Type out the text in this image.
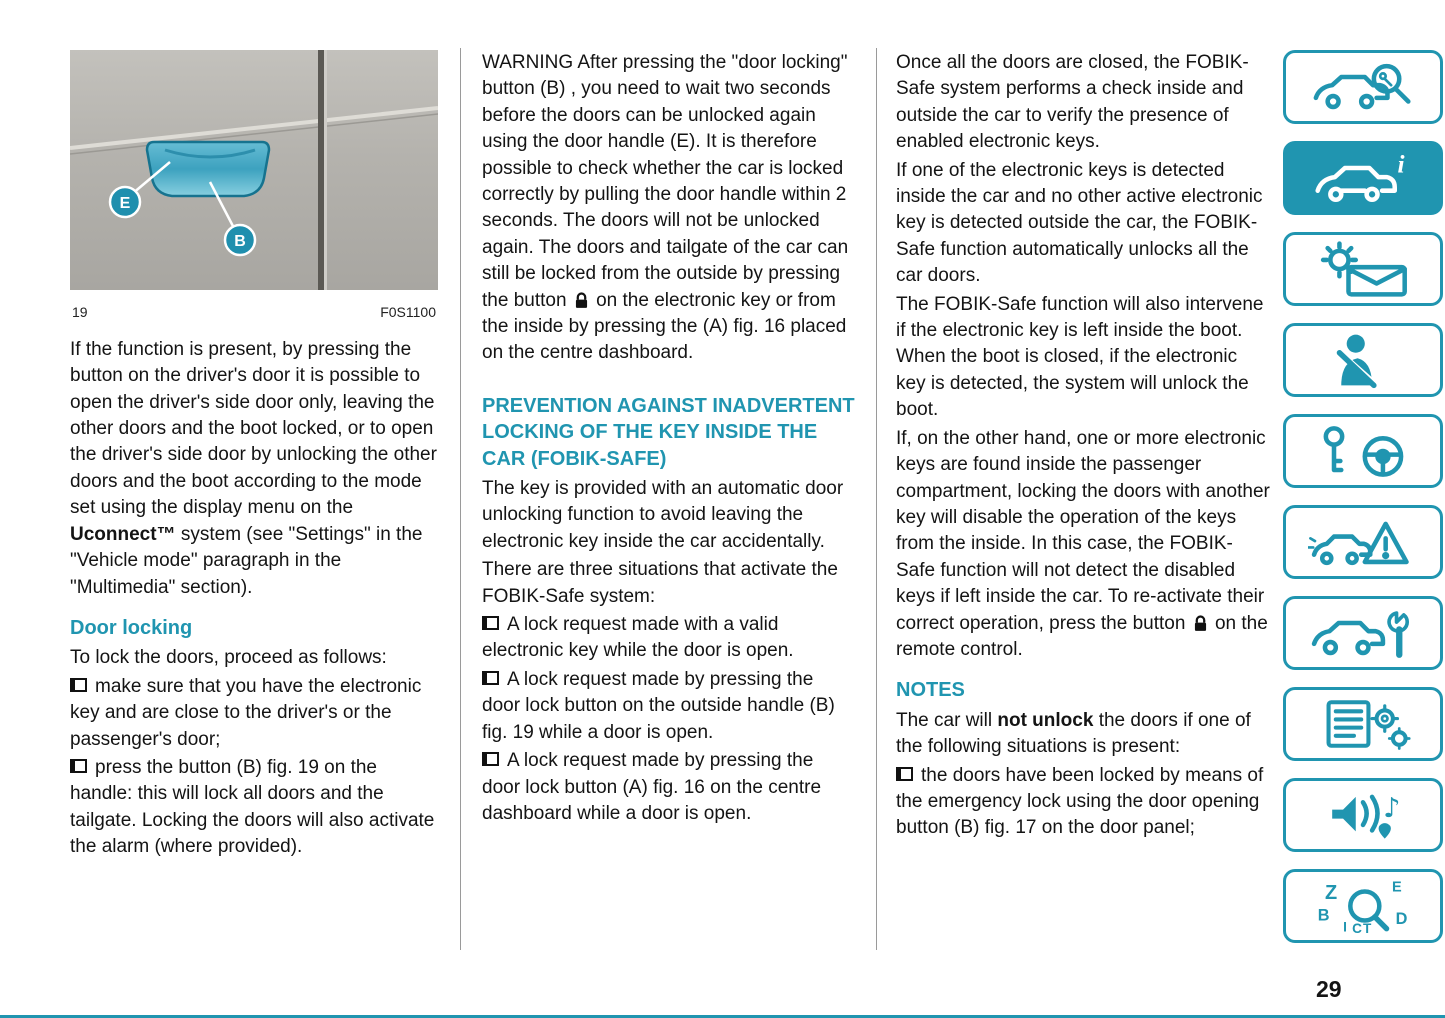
E
B
19	F0S1100

If the function is present, by pressing the button on the driver's door it is possible to open the driver's side door only, leaving the other doors and the boot locked, or to open the driver's side door by unlocking the other doors and the boot according to the mode set using the display menu on the Uconnect™ system (see "Settings" in the "Vehicle mode" paragraph in the "Multimedia" section).

Door locking

To lock the doors, proceed as follows:

make sure that you have the electronic key and are close to the driver's or the passenger's door;

press the button (B) fig. 19 on the handle: this will lock all doors and the tailgate. Locking the doors will also activate the alarm (where provided).

WARNING After pressing the "door locking" button (B) , you need to wait two seconds before the doors can be unlocked again using the door handle (E). It is therefore possible to check whether the car is locked correctly by pulling the door handle within 2 seconds. The doors will not be unlocked again. The doors and tailgate of the car can still be locked from the outside by pressing the button on the electronic key or from the inside by pressing the (A) fig. 16 placed on the centre dashboard.

PREVENTION AGAINST INADVERTENT LOCKING OF THE KEY INSIDE THE CAR (FOBIK-SAFE)

The key is provided with an automatic door unlocking function to avoid leaving the electronic key inside the car accidentally.

There are three situations that activate the FOBIK-Safe system:

A lock request made with a valid electronic key while the door is open.

A lock request made by pressing the door lock button on the outside handle (B) fig. 19 while a door is open.

A lock request made by pressing the door lock button (A) fig. 16 on the centre dashboard while a door is open.

Once all the doors are closed, the FOBIK-Safe system performs a check inside and outside the car to verify the presence of enabled electronic keys.

If one of the electronic keys is detected inside the car and no other active electronic key is detected outside the car, the FOBIK-Safe function automatically unlocks all the car doors.

The FOBIK-Safe function will also intervene if the electronic key is left inside the boot. When the boot is closed, if the electronic key is detected, the system will unlock the boot.

If, on the other hand, one or more electronic keys are found inside the passenger compartment, locking the doors with another key will disable the operation of the keys from the inside. In this case, the FOBIK-Safe function will not detect the disabled keys if left inside the car. To re-activate their correct operation, press the button on the remote control.

NOTES

The car will not unlock the doors if one of the following situations is present:

the doors have been locked by means of the emergency lock using the door opening button (B) fig. 17 on the door panel;

i
♪
Z	E
B
I C T
D
29
